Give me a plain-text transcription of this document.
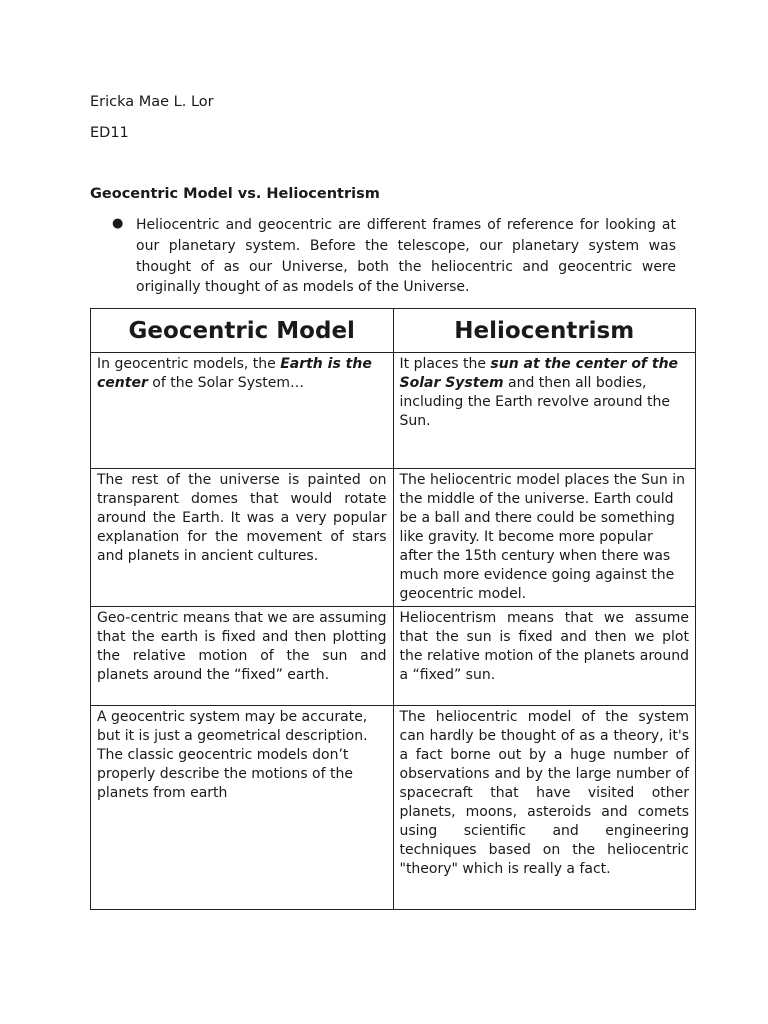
Ericka Mae L. Lor
ED11
Geocentric Model vs. Heliocentrism
● Heliocentric and geocentric are different frames of reference for looking at our planetary system. Before the telescope, our planetary system was thought of as our Universe, both the heliocentric and geocentric were originally thought of as models of the Universe.
Geocentric Model	Heliocentrism
In geocentric models, the Earth is the center of the Solar System…	It places the sun at the center of the Solar System and then all bodies, including the Earth revolve around the Sun.
The rest of the universe is painted on transparent domes that would rotate around the Earth. It was a very popular explanation for the movement of stars and planets in ancient cultures.	The heliocentric model places the Sun in the middle of the universe. Earth could be a ball and there could be something like gravity. It become more popular after the 15th century when there was much more evidence going against the geocentric model.
Geo-centric means that we are assuming that the earth is fixed and then plotting the relative motion of the sun and planets around the “fixed” earth.	Heliocentrism means that we assume that the sun is fixed and then we plot the relative motion of the planets around a “fixed” sun.
A geocentric system may be accurate, but it is just a geometrical description. The classic geocentric models don’t properly describe the motions of the planets from earth	The heliocentric model of the system can hardly be thought of as a theory, it's a fact borne out by a huge number of observations and by the large number of spacecraft that have visited other planets, moons, asteroids and comets using scientific and engineering techniques based on the heliocentric "theory" which is really a fact.
